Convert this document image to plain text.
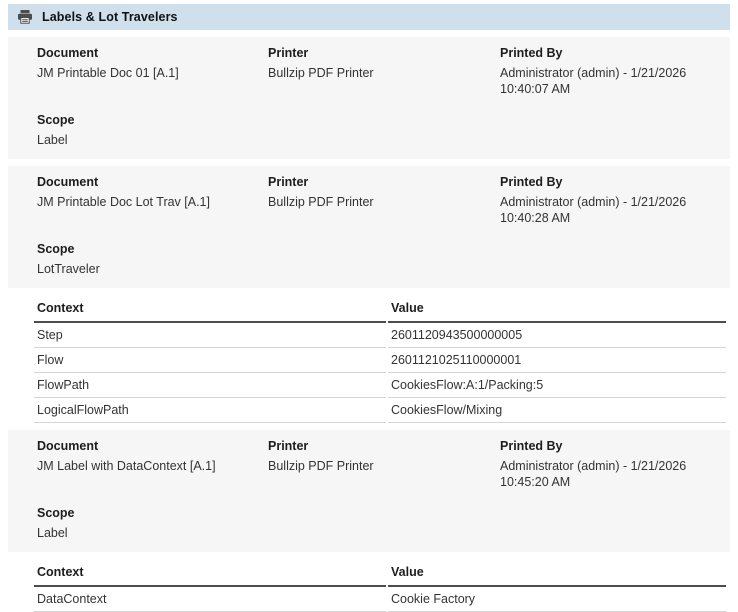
Labels & Lot Travelers
Document
JM Printable Doc 01 [A.1]
Printer
Bullzip PDF Printer
Printed By
Administrator (admin) - 1/21/2026 10:40:07 AM
Scope
Label
Document
JM Printable Doc Lot Trav [A.1]
Printer
Bullzip PDF Printer
Printed By
Administrator (admin) - 1/21/2026 10:40:28 AM
Scope
LotTraveler
Context	Value
Step	2601120943500000005
Flow	2601121025110000001
FlowPath	CookiesFlow:A:1/Packing:5
LogicalFlowPath	CookiesFlow/Mixing
Document
JM Label with DataContext [A.1]
Printer
Bullzip PDF Printer
Printed By
Administrator (admin) - 1/21/2026 10:45:20 AM
Scope
Label
Context	Value
DataContext	Cookie Factory
